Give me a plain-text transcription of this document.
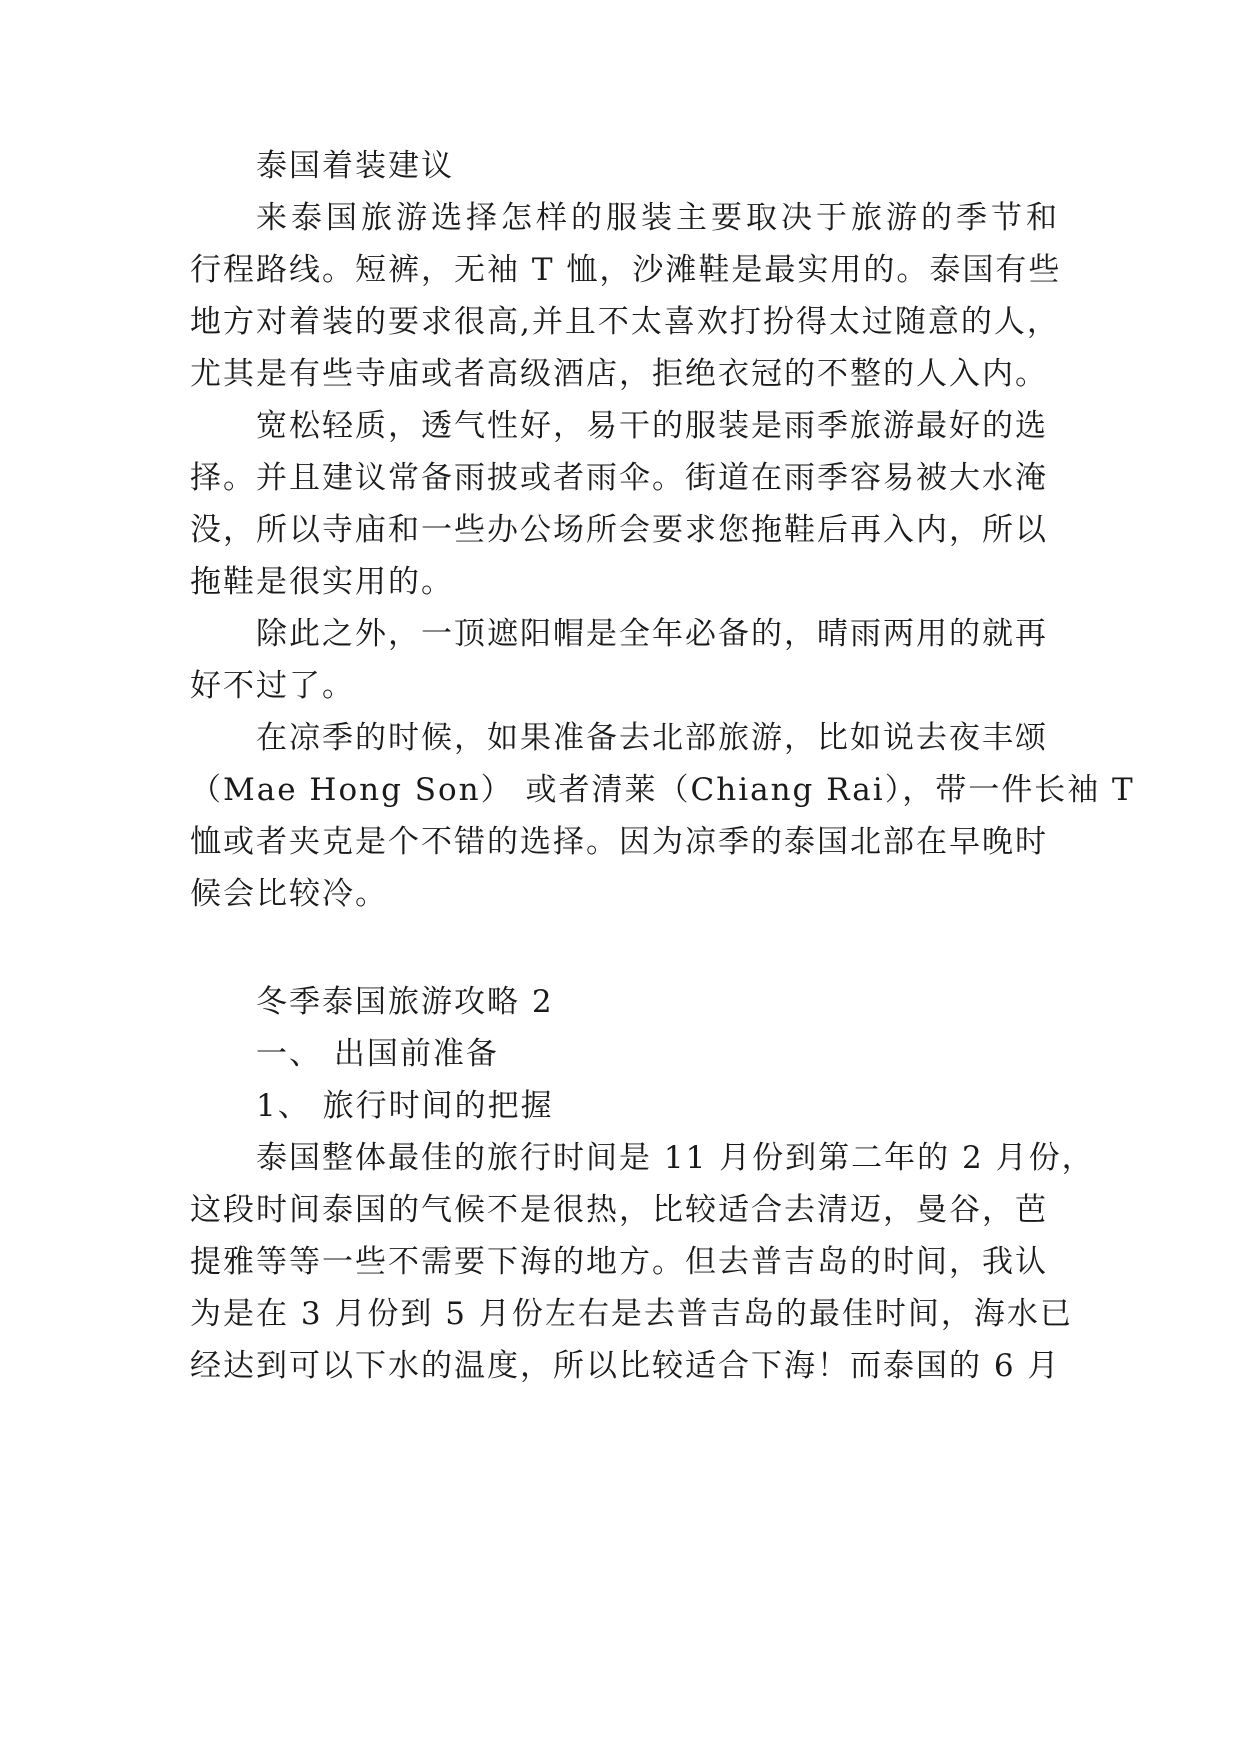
泰国着装建议
来泰国旅游选择怎样的服装主要取决于旅游的季节和
行程路线。短裤，无袖 T 恤，沙滩鞋是最实用的。泰国有些
地方对着装的要求很高,并且不太喜欢打扮得太过随意的人，
尤其是有些寺庙或者高级酒店，拒绝衣冠的不整的人入内。
宽松轻质，透气性好，易干的服装是雨季旅游最好的选
择。并且建议常备雨披或者雨伞。街道在雨季容易被大水淹
没，所以寺庙和一些办公场所会要求您拖鞋后再入内，所以
拖鞋是很实用的。
除此之外，一顶遮阳帽是全年必备的，晴雨两用的就再
好不过了。
在凉季的时候，如果准备去北部旅游，比如说去夜丰颂
（Mae Hong Son） 或者清莱（Chiang Rai），带一件长袖 T
恤或者夹克是个不错的选择。因为凉季的泰国北部在早晚时
候会比较冷。
冬季泰国旅游攻略 2
一、 出国前准备
1、 旅行时间的把握
泰国整体最佳的旅行时间是 11 月份到第二年的 2 月份，
这段时间泰国的气候不是很热，比较适合去清迈，曼谷，芭
提雅等等一些不需要下海的地方。但去普吉岛的时间，我认
为是在 3 月份到 5 月份左右是去普吉岛的最佳时间，海水已
经达到可以下水的温度，所以比较适合下海！而泰国的 6 月
